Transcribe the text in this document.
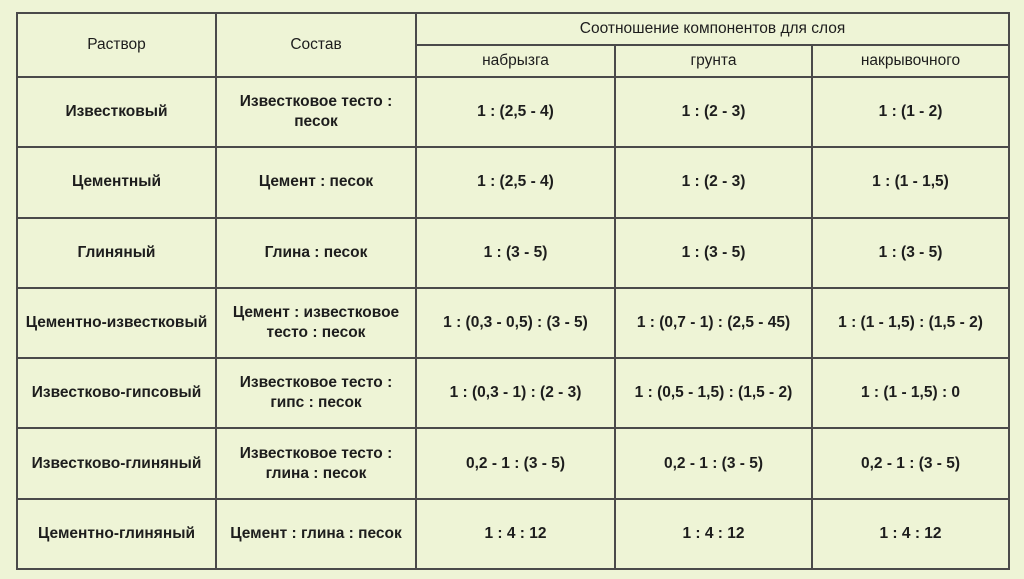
Раствор	Состав	Соотношение компонентов для слоя		
		набрызга	грунта	накрывочного
Известковый	Известковое тесто : песок	1 : (2,5 - 4)	1 : (2 - 3)	1 : (1 - 2)
Цементный	Цемент : песок	1 : (2,5 - 4)	1 : (2 - 3)	1 : (1 - 1,5)
Глиняный	Глина : песок	1 : (3 - 5)	1 : (3 - 5)	1 : (3 - 5)
Цементно-известковый	Цемент : известковое тесто : песок	1 : (0,3 - 0,5) : (3 - 5)	1 : (0,7 - 1) : (2,5 - 45)	1 : (1 - 1,5) : (1,5 - 2)
Известково-гипсовый	Известковое тесто : гипс : песок	1 : (0,3 - 1) : (2 - 3)	1 : (0,5 - 1,5) : (1,5 - 2)	1 : (1 - 1,5) : 0
Известково-глиняный	Известковое тесто : глина : песок	0,2 - 1 : (3 - 5)	0,2 - 1 : (3 - 5)	0,2 - 1 : (3 - 5)
Цементно-глиняный	Цемент : глина : песок	1 : 4 : 12	1 : 4 : 12	1 : 4 : 12
